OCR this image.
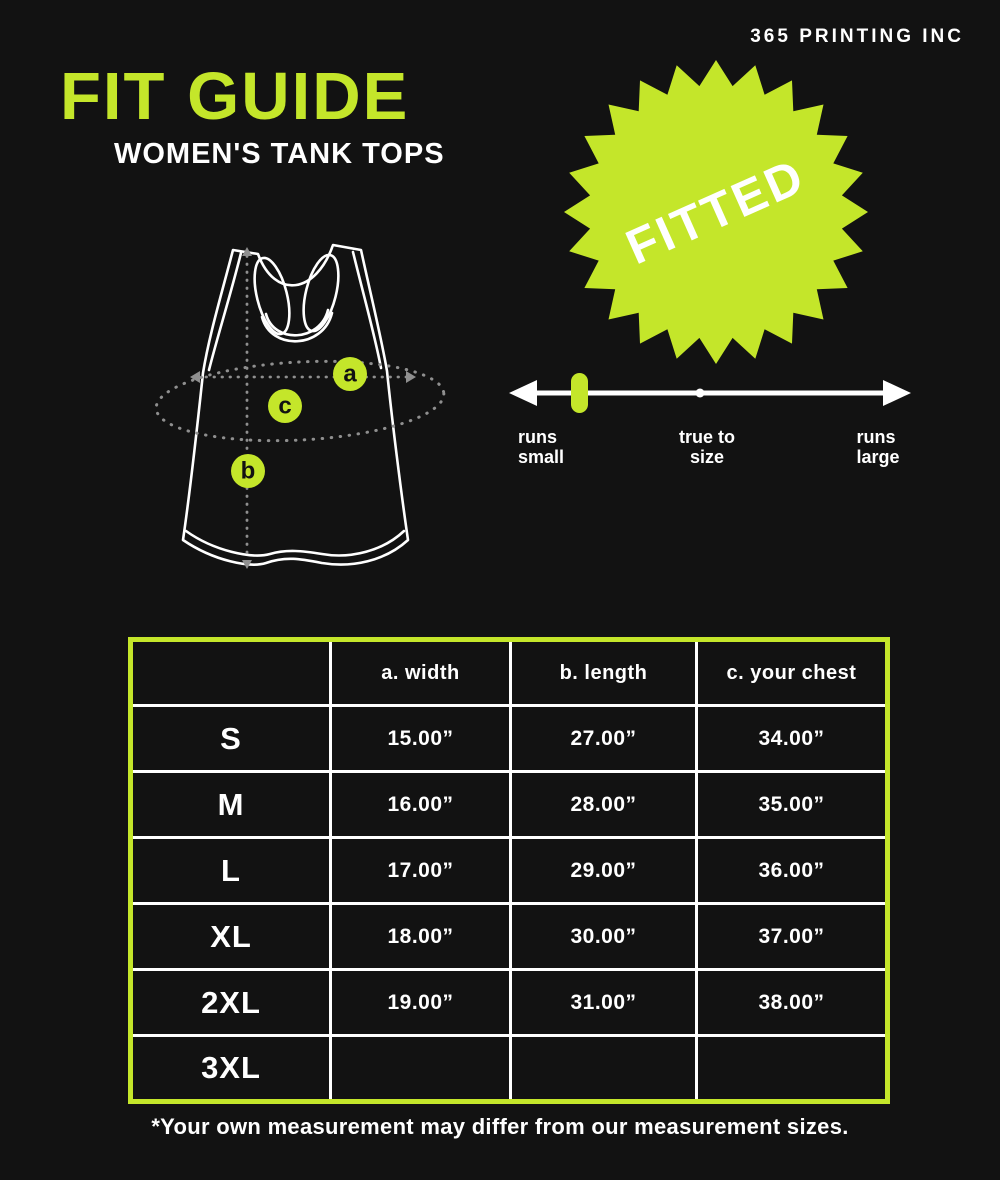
365 PRINTING INC
FIT GUIDE
WOMEN'S TANK TOPS
a
c
b
FITTED
runs
small
true to
size
runs
large
	a. width	b. length	c. your chest
S	15.00”	27.00”	34.00”
M	16.00”	28.00”	35.00”
L	17.00”	29.00”	36.00”
XL	18.00”	30.00”	37.00”
2XL	19.00”	31.00”	38.00”
3XL			
*Your own measurement may differ from our measurement sizes.
